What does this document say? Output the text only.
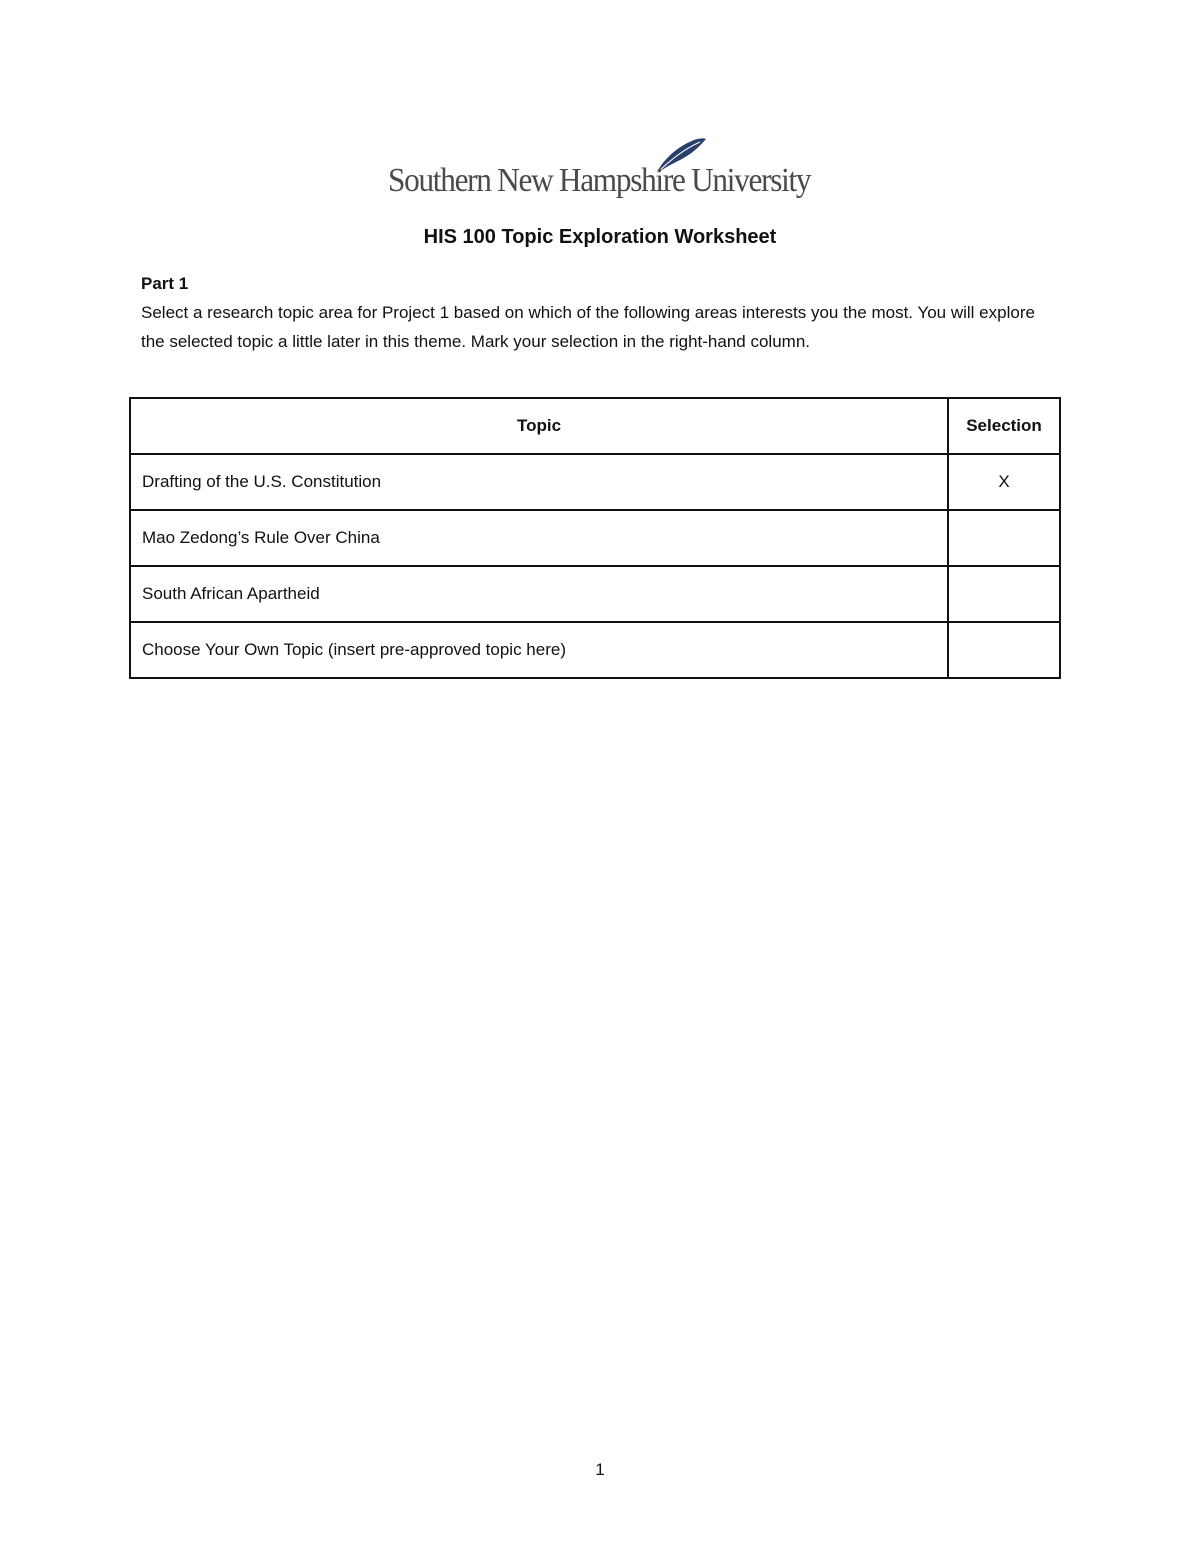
Southern New Hampshire University
HIS 100 Topic Exploration Worksheet
Part 1
Select a research topic area for Project 1 based on which of the following areas interests you the most. You will explore the selected topic a little later in this theme. Mark your selection in the right-hand column.
Topic	Selection
Drafting of the U.S. Constitution	X
Mao Zedong’s Rule Over China	
South African Apartheid	
Choose Your Own Topic (insert pre-approved topic here)	
1
